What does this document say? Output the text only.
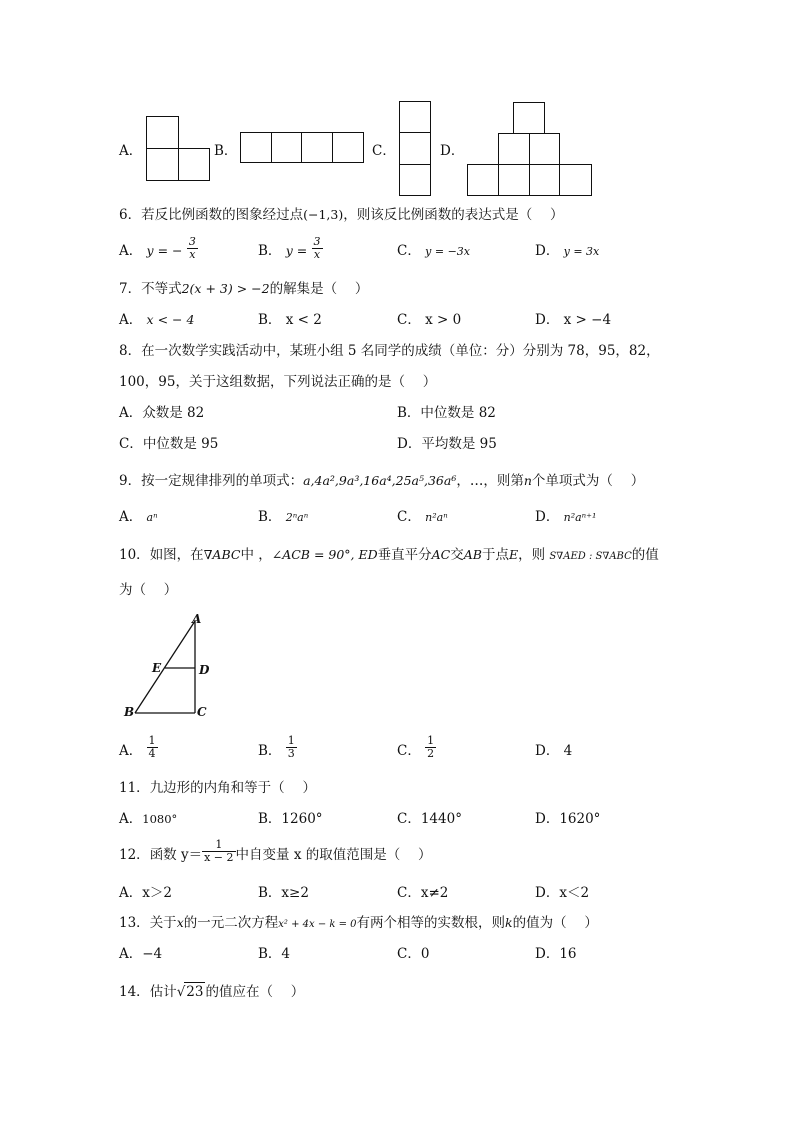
A．	B．	C．	D．
6．若反比例函数的图象经过点(−1,3)，则该反比例函数的表达式是（　 ）
A． y = − $\frac{3}{x}$	B． $y = \frac{3}{x}$	C． y = −3x	D． y = 3x
7．不等式2(x + 3) > −2的解集是（　 ）
A． x < − 4	B． x < 2	C． x > 0	D． x > −4
8．在一次数学实践活动中，某班小组 5 名同学的成绩（单位：分）分别为 78，95，82，
100，95，关于这组数据，下列说法正确的是（　 ）
A．众数是 82	B．中位数是 82
C．中位数是 95	D．平均数是 95
9．按一定规律排列的单项式：a,4a²,9a³,16a⁴,25a⁵,36a⁶，…，则第n个单项式为（　 ）
A． aⁿ	B． 2ⁿaⁿ	C． n²aⁿ	D． n²aⁿ⁺¹
10．如图，在∇ABC中 ，∠ACB = 90°, ED垂直平分AC交AB于点E，则 S∇AED : S∇ABC的值
为（　 ）
A
E	D
B	C
A． $\frac{1}{4}$	B． $\frac{1}{3}$	C． $\frac{1}{2}$	D． 4
11．九边形的内角和等于（　 ）
A．1080°	B．1260°	C．1440°	D．1620°
12．函数 $y= \frac{1}{x - 2}$ 中自变量 x 的取值范围是（　 ）
A．x＞2	B．x≥2	C．x≠2	D．x＜2
13．关于x的一元二次方程x² + 4x − k = 0有两个相等的实数根，则k的值为（　 ）
A．−4	B．4	C．0	D．16
14．估计√23 的值应在（　 ）
